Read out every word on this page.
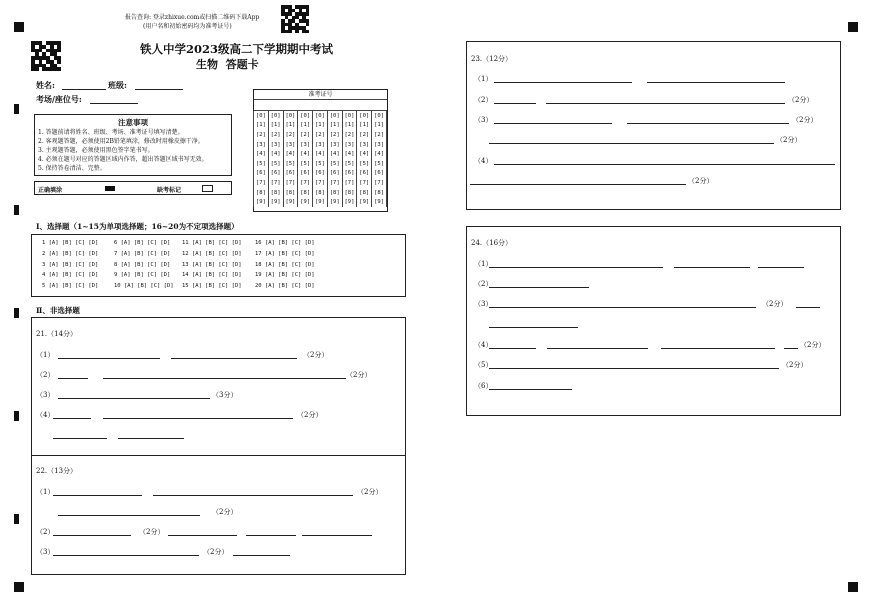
报告查询: 登录zhixue.com或扫描二维码下载App
(用户名和初始密码均为准考证号)
铁人中学2023级高二下学期期中考试
生物  答题卡
姓名:	班级:
考场/座位号:
注意事项
1. 答题前请将姓名、班级、考场、准考证号填写清楚。
2. 客观题答题，必须使用2B铅笔填涂，修改时用橡皮擦干净。
3. 主观题答题，必须使用黑色签字笔书写。
4. 必须在题号对应的答题区域内作答，超出答题区域书写无效。
5. 保持答卷清洁、完整。
正确填涂	缺考标记
准考证号
[0]	[0]	[0]	[0]	[0]	[0]	[0]	[0]	[0]
[1]	[1]	[1]	[1]	[1]	[1]	[1]	[1]	[1]
[2]	[2]	[2]	[2]	[2]	[2]	[2]	[2]	[2]
[3]	[3]	[3]	[3]	[3]	[3]	[3]	[3]	[3]
[4]	[4]	[4]	[4]	[4]	[4]	[4]	[4]	[4]
[5]	[5]	[5]	[5]	[5]	[5]	[5]	[5]	[5]
[6]	[6]	[6]	[6]	[6]	[6]	[6]	[6]	[6]
[7]	[7]	[7]	[7]	[7]	[7]	[7]	[7]	[7]
[8]	[8]	[8]	[8]	[8]	[8]	[8]	[8]	[8]
[9]	[9]	[9]	[9]	[9]	[9]	[9]	[9]	[9]
Ⅰ、选择题（1~15为单项选择题；16~20为不定项选择题）
1 [A] [B] [C] [D]
2 [A] [B] [C] [D]
3 [A] [B] [C] [D]
4 [A] [B] [C] [D]
5 [A] [B] [C] [D]
6 [A] [B] [C] [D]
7 [A] [B] [C] [D]
8 [A] [B] [C] [D]
9 [A] [B] [C] [D]
10 [A] [B] [C] [D]
11 [A] [B] [C] [D]
12 [A] [B] [C] [D]
13 [A] [B] [C] [D]
14 [A] [B] [C] [D]
15 [A] [B] [C] [D]
16 [A] [B] [C] [D]
17 [A] [B] [C] [D]
18 [A] [B] [C] [D]
19 [A] [B] [C] [D]
20 [A] [B] [C] [D]
Ⅱ、非选择题
21.（14分）
（1）	（2分）
（2）	（2分）
（3）	（3分）
（4）	（2分）
22.（13分）
（1）	（2分）
（2分）
（2）	（2分）
（3）	（2分）
23.（12分）
（1）
（2）	（2分）
（3）	（2分）
（2分）
（4）
（2分）
24.（16分）
（1）
（2）
（3）	（2分）
（4）	（2分）
（5）	（2分）
（6）
